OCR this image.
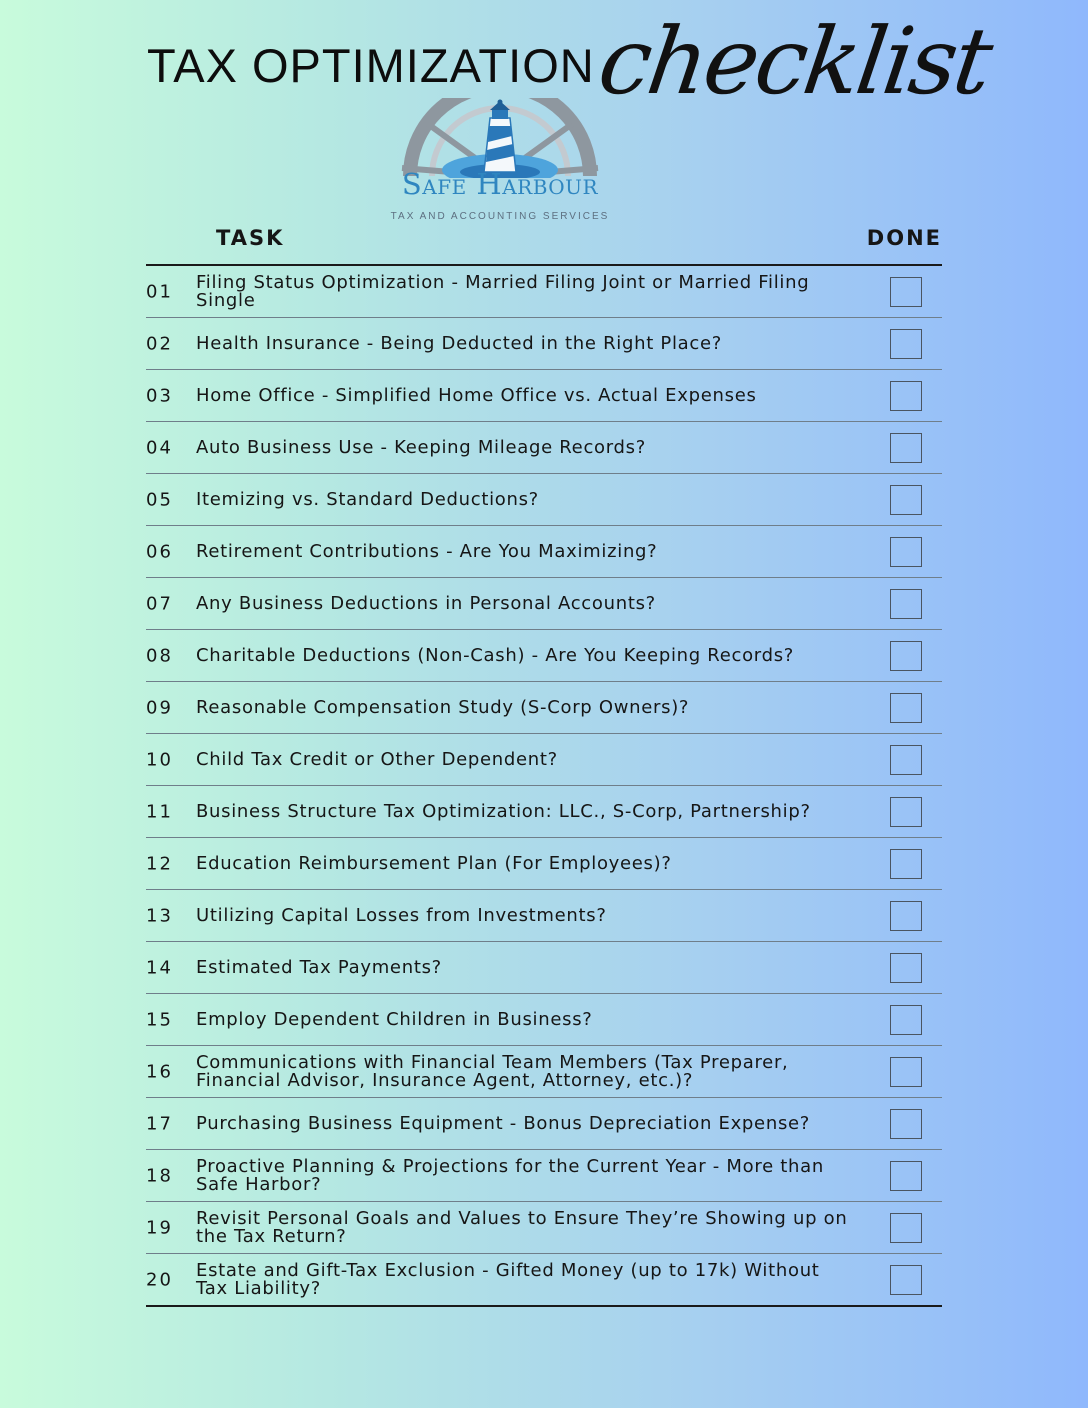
TAX OPTIMIZATION
checklist
Safe Harbour
TAX AND ACCOUNTING SERVICES
TASK	DONE
01 Filing Status Optimization - Married Filing Joint or Married Filing Single
02 Health Insurance - Being Deducted in the Right Place?
03 Home Office - Simplified Home Office vs. Actual Expenses
04 Auto Business Use - Keeping Mileage Records?
05 Itemizing vs. Standard Deductions?
06 Retirement Contributions - Are You Maximizing?
07 Any Business Deductions in Personal Accounts?
08 Charitable Deductions (Non-Cash) - Are You Keeping Records?
09 Reasonable Compensation Study (S-Corp Owners)?
10 Child Tax Credit or Other Dependent?
11 Business Structure Tax Optimization: LLC., S-Corp, Partnership?
12 Education Reimbursement Plan (For Employees)?
13 Utilizing Capital Losses from Investments?
14 Estimated Tax Payments?
15 Employ Dependent Children in Business?
16 Communications with Financial Team Members (Tax Preparer, Financial Advisor, Insurance Agent, Attorney, etc.)?
17 Purchasing Business Equipment - Bonus Depreciation Expense?
18 Proactive Planning & Projections for the Current Year - More than Safe Harbor?
19 Revisit Personal Goals and Values to Ensure They’re Showing up on the Tax Return?
20 Estate and Gift-Tax Exclusion - Gifted Money (up to 17k) Without Tax Liability?
